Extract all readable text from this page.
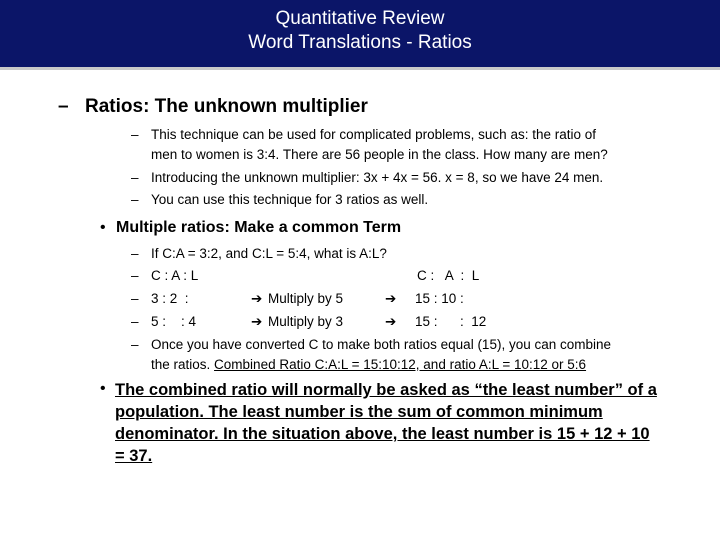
Quantitative Review
Word Translations - Ratios
– Ratios: The unknown multiplier
– This technique can be used for complicated problems, such as: the ratio of
men to women is 3:4. There are 56 people in the class. How many are men?
– Introducing the unknown multiplier: 3x + 4x = 56. x = 8, so we have 24 men.
– You can use this technique for 3 ratios as well.
• Multiple ratios: Make a common Term
– If C:A = 3:2, and C:L = 5:4, what is A:L?
– C : A : L	C :   A  :  L
– 3 : 2  :	➔ Multiply by 5	➔ 15 : 10 :
– 5 :    : 4	➔ Multiply by 3	➔ 15 :      :  12
– Once you have converted C to make both ratios equal (15), you can combine
the ratios. Combined Ratio C:A:L = 15:10:12, and ratio A:L = 10:12 or 5:6
• The combined ratio will normally be asked as “the least number” of a population. The least number is the sum of common minimum denominator. In the situation above, the least number is 15 + 12 + 10 = 37.
